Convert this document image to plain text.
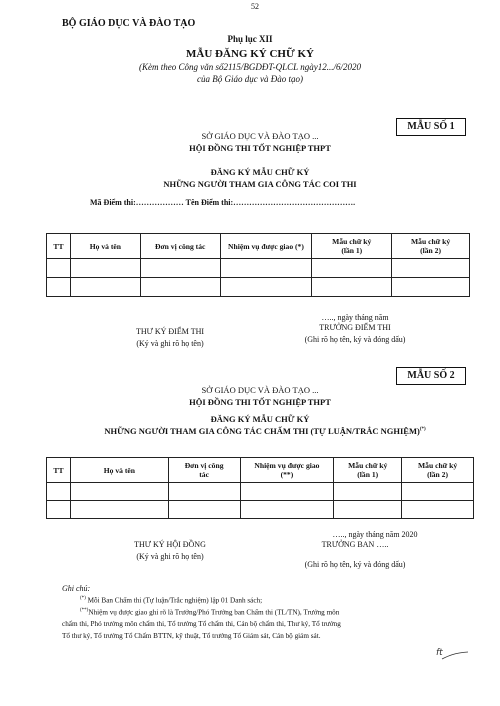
52
BỘ GIÁO DỤC VÀ ĐÀO TẠO
Phụ lục XII
MẪU ĐĂNG KÝ CHỮ KÝ
(Kèm theo Công văn số2115/BGDĐT-QLCL ngày12.../6/2020
của Bộ Giáo dục và Đào tạo)
MẪU SỐ 1
SỞ GIÁO DỤC VÀ ĐÀO TẠO ...
HỘI ĐỒNG THI TỐT NGHIỆP THPT
ĐĂNG KÝ MẪU CHỮ KÝ
NHỮNG NGƯỜI THAM GIA CÔNG TÁC COI THI
Mã Điểm thi:……………… Tên Điểm thi:……………………………………….
TT	Họ và tên	Đơn vị công tác	Nhiệm vụ được giao (*)	Mẫu chữ ký
(lần 1)	Mẫu chữ ký
(lần 2)

….., ngày tháng năm
TRƯỞNG ĐIỂM THI
(Ghi rõ họ tên, ký và đóng dấu)
THƯ KÝ ĐIỂM THI
(Ký và ghi rõ họ tên)
MẪU SỐ 2
SỞ GIÁO DỤC VÀ ĐÀO TẠO ...
HỘI ĐỒNG THI TỐT NGHIỆP THPT
ĐĂNG KÝ MẪU CHỮ KÝ
NHỮNG NGƯỜI THAM GIA CÔNG TÁC CHẤM THI (TỰ LUẬN/TRẮC NGHIỆM)(*)
TT	Họ và tên	Đơn vị công
tác	Nhiệm vụ được giao
(**)	Mẫu chữ ký
(lần 1)	Mẫu chữ ký
(lần 2)

….., ngày tháng năm 2020
TRƯỞNG BAN …..
(Ghi rõ họ tên, ký và đóng dấu)
THƯ KÝ HỘI ĐỒNG
(Ký và ghi rõ họ tên)
Ghi chú:
(*) Mỗi Ban Chấm thi (Tự luận/Trắc nghiệm) lập 01 Danh sách;
(**)Nhiệm vụ được giao ghi rõ là Trưởng/Phó Trưởng ban Chấm thi (TL/TN), Trưởng môn
chấm thi, Phó trưởng môn chấm thi, Tổ trưởng Tổ chấm thi, Cán bộ chấm thi, Thư ký, Tổ trưởng
Tổ thư ký, Tổ trưởng Tổ Chấm BTTN, kỹ thuật, Tổ trưởng Tổ Giám sát, Cán bộ giám sát.
ft
